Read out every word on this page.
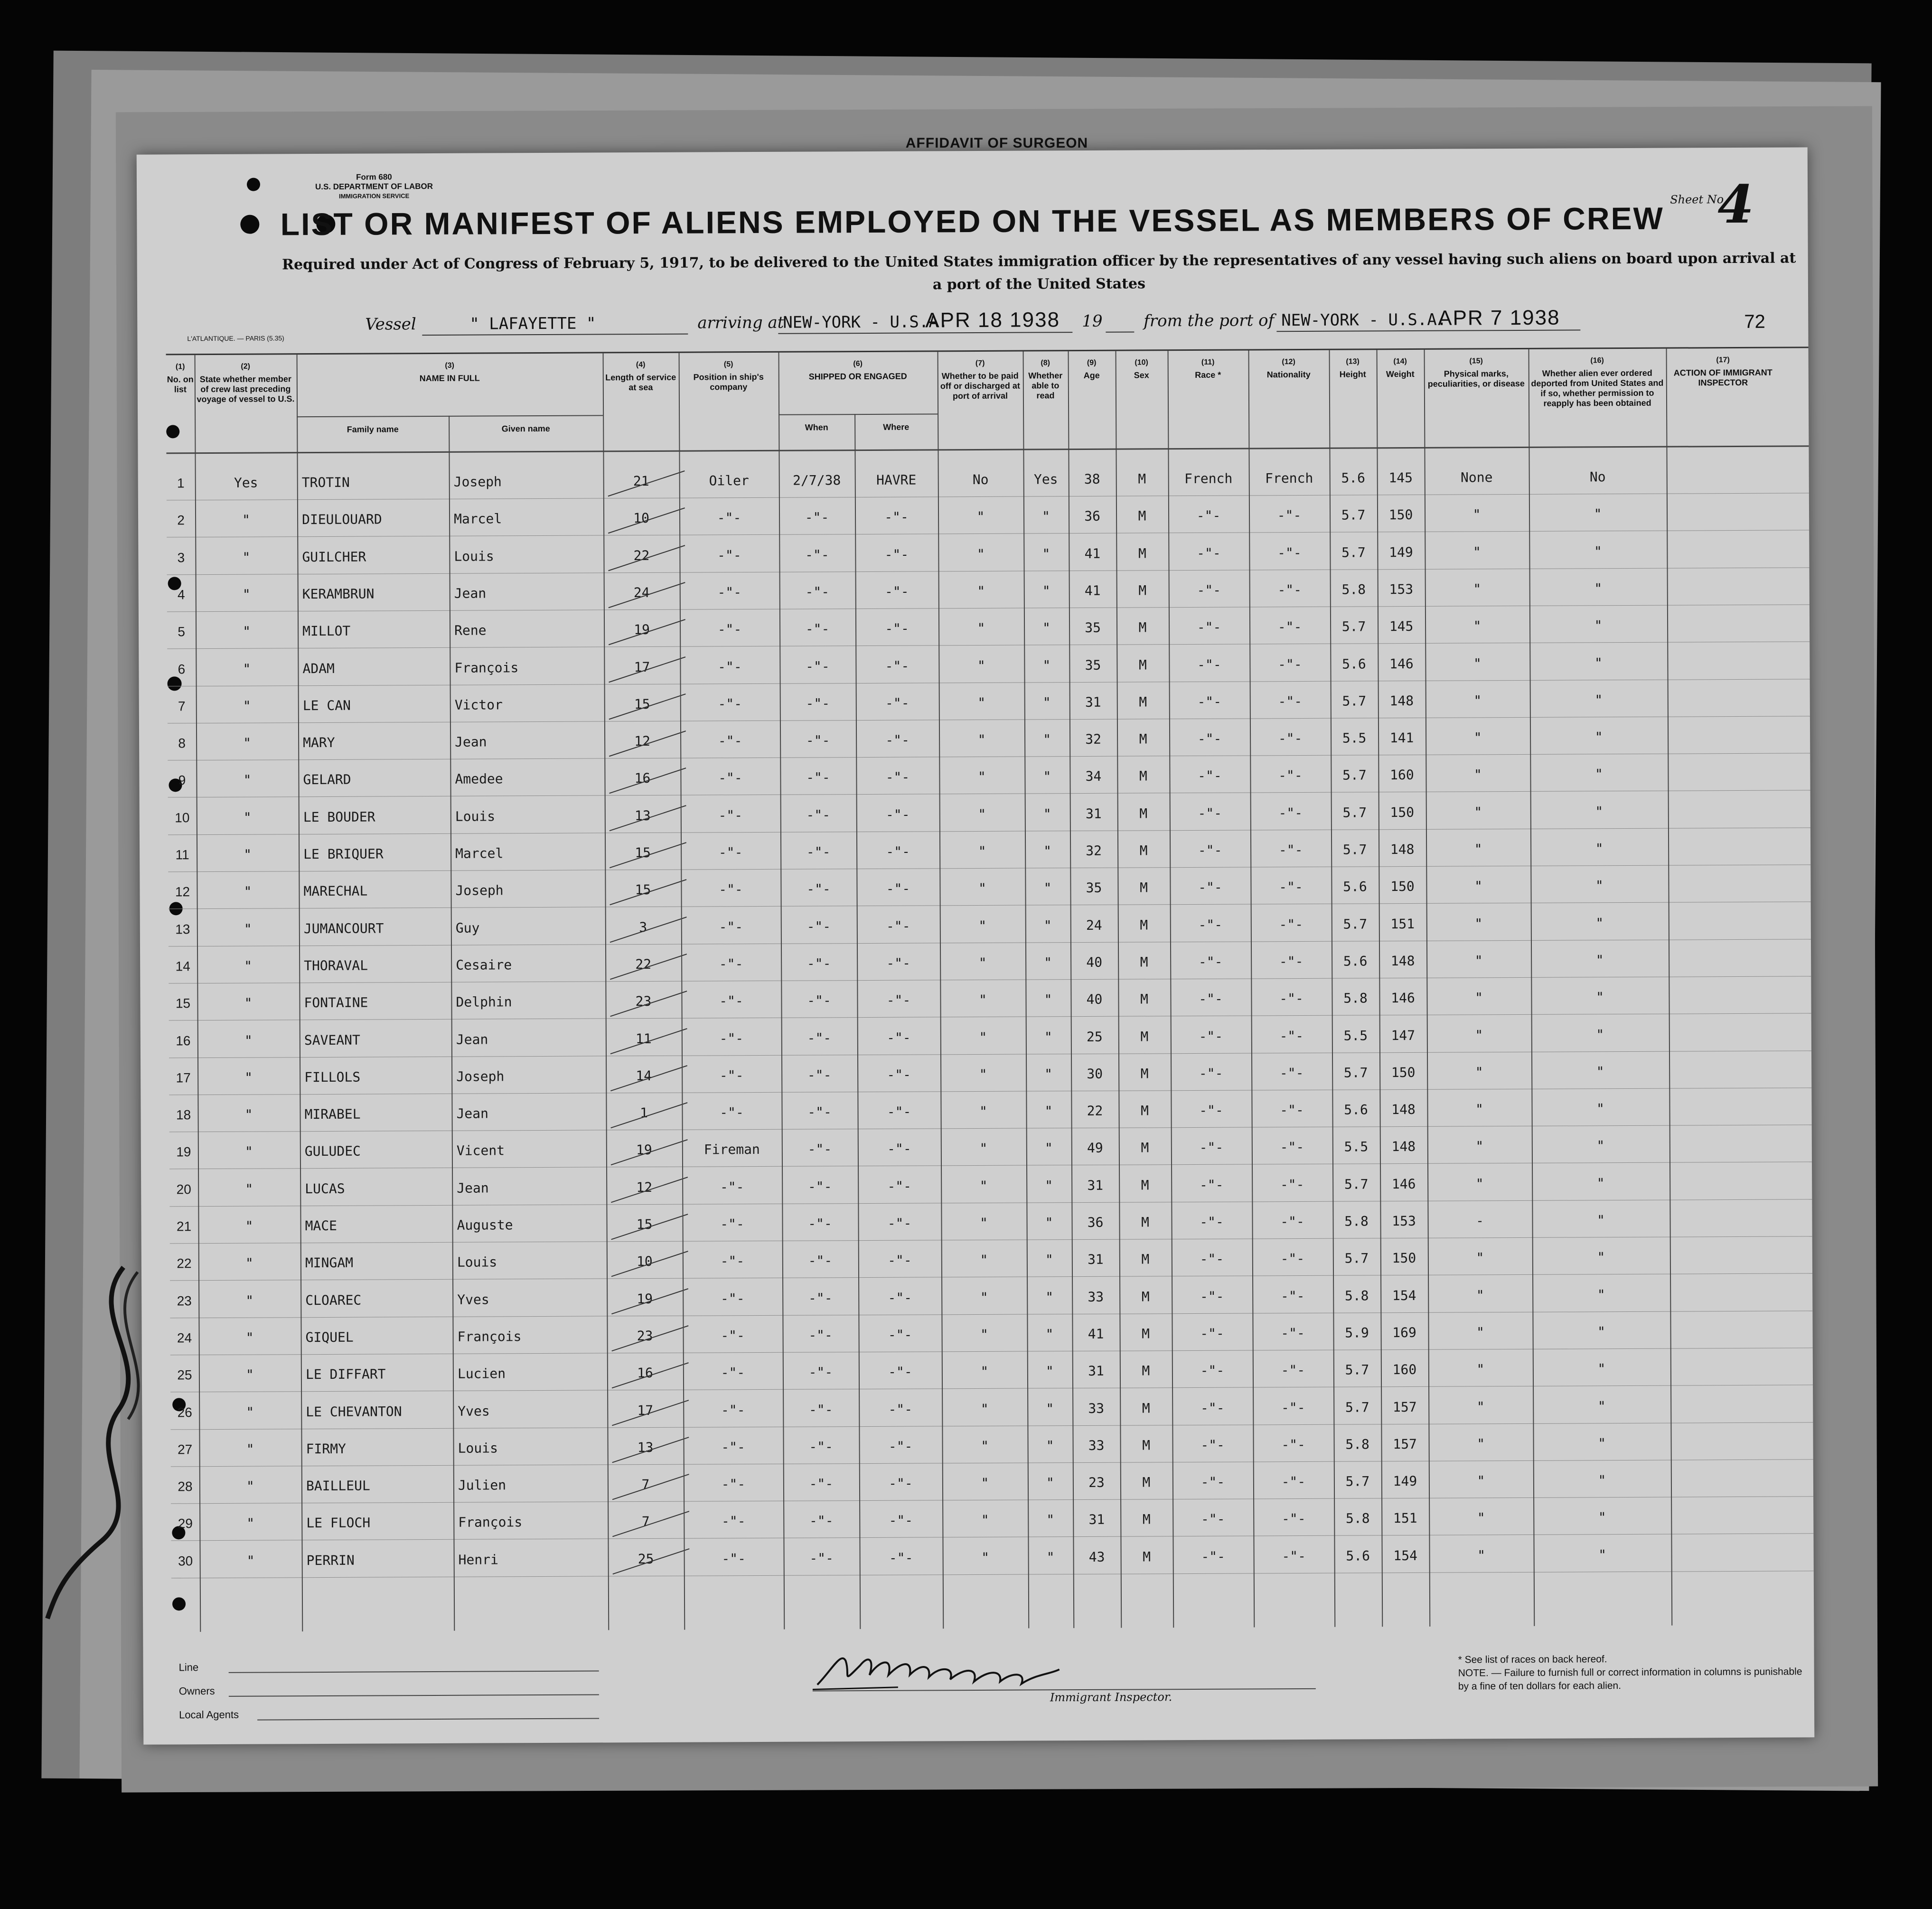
AFFIDAVIT OF SURGEON
Form 680
U.S. DEPARTMENT OF LABOR
IMMIGRATION SERVICE	Sheet No.
4
LIST OR MANIFEST OF ALIENS EMPLOYED ON THE VESSEL AS MEMBERS OF CREW
Required under Act of Congress of February 5, 1917, to be delivered to the United States immigration officer by the representatives of any vessel having such aliens on board upon arrival at a port of the United States
L'ATLANTIQUE. — PARIS (5.35)
Vessel	" LAFAYETTE "	arriving at
NEW-YORK - U.S.A.
APR 18 1938 19	from the port of NEW-YORK - U.S.A.
APR 7 1938	72
(1)
No. on list
(2)
State whether member of crew last preceding voyage of vessel to U.S.
(3)
NAME IN FULL
Family name	Given name
(4)
Length of service at sea
(5)
Position in ship's company
(6)
SHIPPED OR ENGAGED
When	Where
(7)
Whether to be paid off or discharged at port of arrival
(8)
Whether able to read
(9)
Age
(10)
Sex
(11)
Race *
(12)
Nationality
(13)
Height
(14)
Weight
(15)
Physical marks, peculiarities, or disease
(16)
Whether alien ever ordered deported from United States and if so, whether permission to reapply has been obtained
(17)
ACTION OF IMMIGRANT INSPECTOR
1	Yes	TROTIN	Joseph	21	Oiler	2/7/38	HAVRE	No	Yes	38	M	French	French	5.6	145	None	No
2	"	DIEULOUARD	Marcel	10	-"-	-"-	-"-	"	"	36	M	-"-	-"-	5.7	150	"	"
3	"	GUILCHER	Louis	22	-"-	-"-	-"-	"	"	41	M	-"-	-"-	5.7	149	"	"
4	"	KERAMBRUN	Jean	24	-"-	-"-	-"-	"	"	41	M	-"-	-"-	5.8	153	"	"
5	"	MILLOT	Rene	19	-"-	-"-	-"-	"	"	35	M	-"-	-"-	5.7	145	"	"
6	"	ADAM	François	17	-"-	-"-	-"-	"	"	35	M	-"-	-"-	5.6	146	"	"
7	"	LE CAN	Victor	15	-"-	-"-	-"-	"	"	31	M	-"-	-"-	5.7	148	"	"
8	"	MARY	Jean	12	-"-	-"-	-"-	"	"	32	M	-"-	-"-	5.5	141	"	"
9	"	GELARD	Amedee	16	-"-	-"-	-"-	"	"	34	M	-"-	-"-	5.7	160	"	"
10	"	LE BOUDER	Louis	13	-"-	-"-	-"-	"	"	31	M	-"-	-"-	5.7	150	"	"
11	"	LE BRIQUER	Marcel	15	-"-	-"-	-"-	"	"	32	M	-"-	-"-	5.7	148	"	"
12	"	MARECHAL	Joseph	15	-"-	-"-	-"-	"	"	35	M	-"-	-"-	5.6	150	"	"
13	"	JUMANCOURT	Guy	3	-"-	-"-	-"-	"	"	24	M	-"-	-"-	5.7	151	"	"
14	"	THORAVAL	Cesaire	22	-"-	-"-	-"-	"	"	40	M	-"-	-"-	5.6	148	"	"
15	"	FONTAINE	Delphin	23	-"-	-"-	-"-	"	"	40	M	-"-	-"-	5.8	146	"	"
16	"	SAVEANT	Jean	11	-"-	-"-	-"-	"	"	25	M	-"-	-"-	5.5	147	"	"
17	"	FILLOLS	Joseph	14	-"-	-"-	-"-	"	"	30	M	-"-	-"-	5.7	150	"	"
18	"	MIRABEL	Jean	1	-"-	-"-	-"-	"	"	22	M	-"-	-"-	5.6	148	"	"
19	"	GULUDEC	Vicent	19	Fireman	-"-	-"-	"	"	49	M	-"-	-"-	5.5	148	"	"
20	"	LUCAS	Jean	12	-"-	-"-	-"-	"	"	31	M	-"-	-"-	5.7	146	"	"
21	"	MACE	Auguste	15	-"-	-"-	-"-	"	"	36	M	-"-	-"-	5.8	153	-	"
22	"	MINGAM	Louis	10	-"-	-"-	-"-	"	"	31	M	-"-	-"-	5.7	150	"	"
23	"	CLOAREC	Yves	19	-"-	-"-	-"-	"	"	33	M	-"-	-"-	5.8	154	"	"
24	"	GIQUEL	François	23	-"-	-"-	-"-	"	"	41	M	-"-	-"-	5.9	169	"	"
25	"	LE DIFFART	Lucien	16	-"-	-"-	-"-	"	"	31	M	-"-	-"-	5.7	160	"	"
26	"	LE CHEVANTON	Yves	17	-"-	-"-	-"-	"	"	33	M	-"-	-"-	5.7	157	"	"
27	"	FIRMY	Louis	13	-"-	-"-	-"-	"	"	33	M	-"-	-"-	5.8	157	"	"
28	"	BAILLEUL	Julien	7	-"-	-"-	-"-	"	"	23	M	-"-	-"-	5.7	149	"	"
29	"	LE FLOCH	François	7	-"-	-"-	-"-	"	"	31	M	-"-	-"-	5.8	151	"	"
30	"	PERRIN	Henri	25	-"-	-"-	-"-	"	"	43	M	-"-	-"-	5.6	154	"	"
Line
Owners
Local Agents
Immigrant Inspector.
* See list of races on back hereof.
NOTE. — Failure to furnish full or correct information in columns is punishable by a fine of ten dollars for each alien.
